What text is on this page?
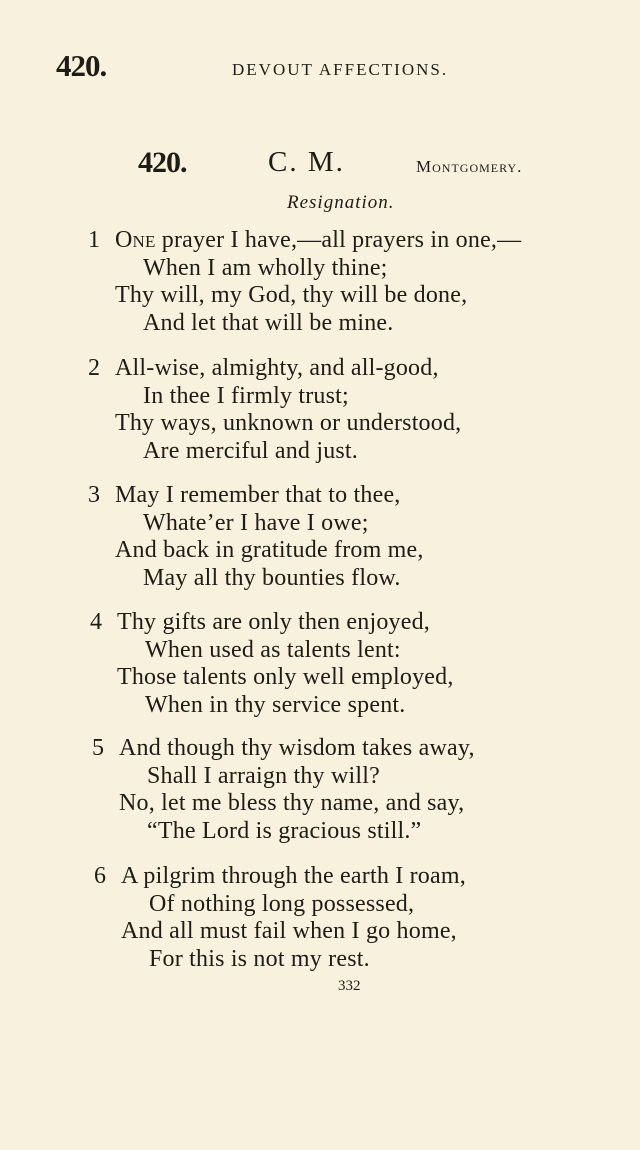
420.	DEVOUT AFFECTIONS.
420.	C. M.	Montgomery.
Resignation.
1 One prayer I have,—all prayers in one,—
When I am wholly thine;
Thy will, my God, thy will be done,
And let that will be mine.
2 All-wise, almighty, and all-good,
In thee I firmly trust;
Thy ways, unknown or understood,
Are merciful and just.
3 May I remember that to thee,
Whate’er I have I owe;
And back in gratitude from me,
May all thy bounties flow.
4 Thy gifts are only then enjoyed,
When used as talents lent:
Those talents only well employed,
When in thy service spent.
5 And though thy wisdom takes away,
Shall I arraign thy will?
No, let me bless thy name, and say,
“The Lord is gracious still.”
6 A pilgrim through the earth I roam,
Of nothing long possessed,
And all must fail when I go home,
For this is not my rest.
332
